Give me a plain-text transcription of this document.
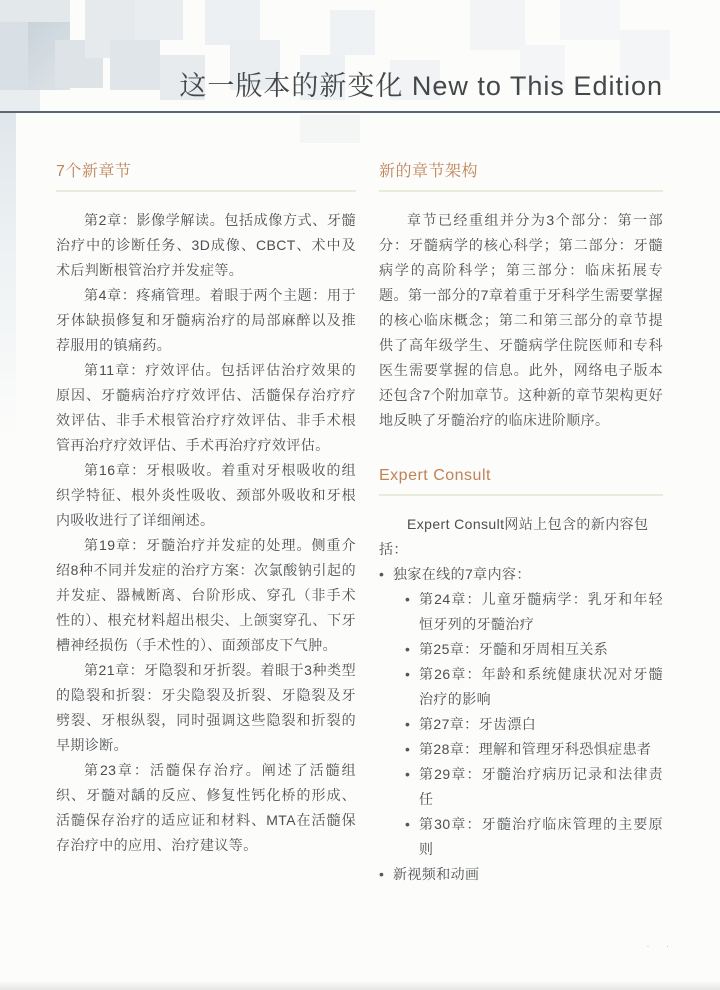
这一版本的新变化 New to This Edition
7个新章节

第2章：影像学解读。包括成像方式、牙髓治疗中的诊断任务、3D成像、CBCT、术中及术后判断根管治疗并发症等。

第4章：疼痛管理。着眼于两个主题：用于牙体缺损修复和牙髓病治疗的局部麻醉以及推荐服用的镇痛药。

第11章：疗效评估。包括评估治疗效果的原因、牙髓病治疗疗效评估、活髓保存治疗疗效评估、非手术根管治疗疗效评估、非手术根管再治疗疗效评估、手术再治疗疗效评估。

第16章：牙根吸收。着重对牙根吸收的组织学特征、根外炎性吸收、颈部外吸收和牙根内吸收进行了详细阐述。

第19章：牙髓治疗并发症的处理。侧重介绍8种不同并发症的治疗方案：次氯酸钠引起的并发症、器械断离、台阶形成、穿孔（非手术性的）、根充材料超出根尖、上颌窦穿孔、下牙槽神经损伤（手术性的）、面颈部皮下气肿。

第21章：牙隐裂和牙折裂。着眼于3种类型的隐裂和折裂：牙尖隐裂及折裂、牙隐裂及牙劈裂、牙根纵裂，同时强调这些隐裂和折裂的早期诊断。

第23章：活髓保存治疗。阐述了活髓组织、牙髓对龋的反应、修复性钙化桥的形成、活髓保存治疗的适应证和材料、MTA在活髓保存治疗中的应用、治疗建议等。

新的章节架构

章节已经重组并分为3个部分：第一部分：牙髓病学的核心科学；第二部分：牙髓病学的高阶科学；第三部分：临床拓展专题。第一部分的7章着重于牙科学生需要掌握的核心临床概念；第二和第三部分的章节提供了高年级学生、牙髓病学住院医师和专科医生需要掌握的信息。此外，网络电子版本还包含7个附加章节。这种新的章节架构更好地反映了牙髓治疗的临床进阶顺序。

Expert Consult

Expert Consult网站上包含的新内容包括：

• 独家在线的7章内容：
• 第24章：儿童牙髓病学：乳牙和年轻恒牙列的牙髓治疗
• 第25章：牙髓和牙周相互关系
• 第26章：年龄和系统健康状况对牙髓治疗的影响
• 第27章：牙齿漂白
• 第28章：理解和管理牙科恐惧症患者
• 第29章：牙髓治疗病历记录和法律责任
• 第30章：牙髓治疗临床管理的主要原则
• 新视频和动画
· ·
